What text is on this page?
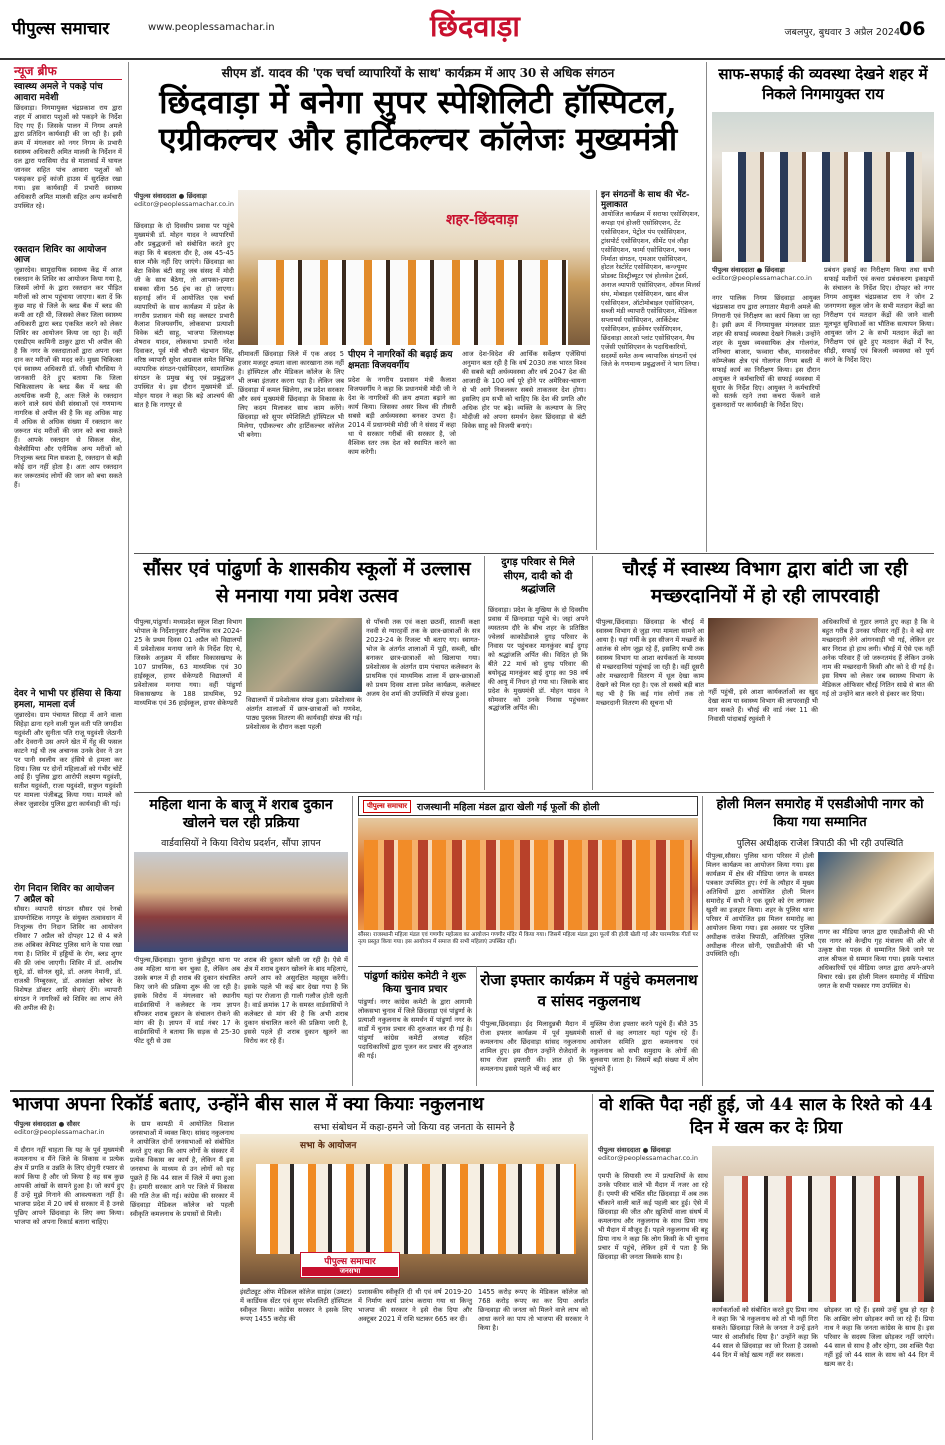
पीपुल्स समाचार	www.peoplessamachar.in	छिंदवाड़ा	जबलपुर, बुधवार 3 अप्रैल 2024 06
न्यूज ब्रीफ
स्वास्थ्य अमले ने पकड़े पांच आवारा मवेशी
छिंदवाड़ा। निगमायुक्त चंद्रप्रकाश राय द्वारा शहर में आवारा पशुओं को पकड़ने के निर्देश दिए गए हैं। जिसके पालन में निगम अमले द्वारा प्रतिदिन कार्यवाही की जा रही है। इसी क्रम में मंगलवार को नगर निगम के प्रभारी स्वास्थ्य अधिकारी अमित मालवी के निर्देशन में दल द्वारा परासिया रोड से मातावार्ड में घायल जानवर सहित पांच आवारा पशुओं को पकड़कर इन्हें कांजी हाउस में सुरक्षित रखा गया। इस कार्यवाही में प्रभारी स्वास्थ्य अधिकारी अमित मालवी सहित अन्य कर्मचारी उपस्थित रहे।
रक्तदान शिविर का आयोजन आज
जुन्नारदेव। सामुदायिक स्वास्थ्य केंद्र में आज रक्तदान के शिविर का आयोजन किया गया है, जिसमें लोगों के द्वारा रक्तदान कर पीड़ित मरीजों को लाभ पहुंचाया जाएगा। बता दें कि कुछ माह से जिले के ब्लड बैंक में ब्लड की कमी आ रही थी, जिसको लेकर जिला स्वास्थ्य अधिकारी द्वारा ब्लड एकत्रित करने को लेकर शिविर का आयोजन किया जा रहा है। वहीं एसडीएम कामिनी ठाकुर द्वारा भी अपील की है कि नगर के रक्तदाताओं द्वारा अपना रक्त दान कर मरीजों की मदद करें। मुख्य चिकित्सा एवं स्वास्थ्य अधिकारी डॉ. जीसी चौरसिया ने जानकारी देते हुए बताया कि जिला चिकित्सालय के ब्लड बैंक में ब्लड की अत्यधिक कमी है, अतः जिले के रक्तदान करने वाले स्वयं सेवी संस्थाओं एवं गणमान्य नागरिक से अपील की है कि वह अधिक माह में अधिक से अधिक संख्या में रक्तदान कर जरूरत मंद मरीजों की जान को बचा सकते हैं। आपके रक्तदान से सिकल सेल, थैलेसीमिया और एनीमिक अन्य मरीजों को निःशुल्क ब्लड मिल सकता है, रक्तदान से बड़ी कोई दान नहीं होता है। अतः आप रक्तदान कर जरूरतमंद लोगों की जान को बचा सकते हैं।
देवर ने भाभी पर हंसिया से किया हमला, मामला दर्ज
जुन्नारदेव। ग्राम पंचायत सिरड़ा में आने वाला सिहेड़ा ढाना रहने वाली फूल वती पति जगदीश यदुवंशी और सुनीता पति राजू यदुवंशी जेठानी और देवरानी उस अपने खेत में गेंहू की फसल काटने गई थी तब अचानक उनके देवर ने उन पर पानी स्थलीय कर हंसिये से हमला कर दिया। जिस पर दोनों महिलाओं को गंभीर चोटें आई हैं। पुलिस द्वारा आरोपी लक्ष्मण यदुवंशी, सतीश यदुवंशी, राजा यदुवंशी, सत्रुघ्न यदुवंशी पर मामला पंजीबद्ध किया गया। मामले को लेकर जुन्नारदेव पुलिस द्वारा कार्यवाही की गई।
रोग निदान शिविर का आयोजन 7 अप्रैल को
सौसर। व्यापारी संगठन सौसर एवं रेनबो डायग्नोस्टिक नागपुर के संयुक्त तत्वावधान में निःशुल्क रोग निदान शिविर का आयोजन रविवार 7 अप्रैल को दोपहर 12 से 4 बजे तक अंबिका केमिस्ट पुलिस थाने के पास रखा गया है। शिविर में हड्डियों के रोग, ब्लड शुगर की फ्री जांच जाएगी। शिविर में डॉ. आशीष सुडे, डॉ. सोनल सुडे, डॉ. अजय नेमानी, डॉ. राजश्री निम्बुरकर, डॉ. आकांक्षा कोचर के विशेषज्ञ डॉक्टर आदि सेवाएं देंगे। व्यापारी संगठन ने नागरिकों को शिविर का लाभ लेने की अपील की है।
सीएम डॉ. यादव की 'एक चर्चा व्यापारियों के साथ' कार्यक्रम में आए 30 से अधिक संगठन
छिंदवाड़ा में बनेगा सुपर स्पेशिलिटी हॉस्पिटल,
एग्रीकल्चर और हार्टिकल्चर कॉलेजः मुख्यमंत्री
पीपुल्स संवाददाता ● छिंदवाड़ा
editor@peoplessamachar.co.in
छिंदवाड़ा के दो दिवसीय प्रवास पर पहुंचे मुख्यमंत्री डॉ. मोहन यादव ने व्यापारियों और प्रबुद्धजनों को संबोधित करते हुए कहा कि ये बदलता दौर है, अब 45-45 साल मौके नहीं दिए जाएंगे। छिंदवाड़ा का बेटा विवेक बंटी साहू जब संसद में मोदी जी के साथ बैठेगा, तो आपका-हमारा सबका सीना 56 इंच का हो जाएगा। सहनाई लॉन में आयोजित एक चर्चा व्यापारियों के साथ कार्यक्रम में प्रदेश के नगरीय प्रशासन मंत्री सह क्लस्टर प्रभारी कैलाश विजयवर्गीय, लोकसभा प्रत्याशी विवेक बंटी साहू, भाजपा जिलाध्यक्ष शेषराव यादव, लोकसभा प्रभारी नरेश दिवाकर, पूर्व मंत्री चौधरी चंद्रभान सिंह, वरिष्ठ व्यापारी सुरेश अग्रवाल समेत विभिन्न व्यापारिक संगठन-एसोसिएशन, सामाजिक संगठन के प्रमुख बंधु एवं प्रबुद्धजन उपस्थित थे। इस दौरान मुख्यमंत्री डॉ. मोहन यादव ने कहा कि बड़े आश्चर्य की बात है कि नागपुर से
शहर-छिंदवाड़ा
सीमावर्ती छिंदवाड़ा जिले में एक अदद 5 हजार मजदूर क्षमता वाला कारखाना तक नहीं है। हॉस्पिटल और मेडिकल कॉलेज के लिए भी लम्बा इंतजार करना पड़ा है। लेकिन जब छिंदवाड़ा में कमल खिलेगा, तब प्रदेश सरकार और स्वयं मुख्यमंत्री छिंदवाड़ा के विकास के लिए कदम मिलाकर साथ काम करेंगे। छिंदवाड़ा को सुपर स्पेशिलिटी हॉस्पिटल भी मिलेगा, एग्रीकल्चर और हार्टिकल्चर कॉलेज भी बनेगा।
पीएम ने नागरिकों की बढ़ाई क्रय क्षमताः विजयवर्गीय
प्रदेश के नगरीय प्रशासन मंत्री कैलाश विजयवर्गीय ने कहा कि प्रधानमंत्री मोदी जी ने देश के नागरिकों की क्रय क्षमता बढ़ाने का कार्य किया। जिसका असर विश्व की तीसरी सबसे बड़ी अर्थव्यवस्था बनकर उभरा है। 2014 में प्रधानमंत्री मोदी जी ने संसद में कहा था ये सरकार गरीबों की सरकार है, जो वैश्विक स्तर तक देश को स्थापित करने का काम करेगी।
आज देश-विदेश की आर्थिक सर्वेक्षण एजेंसियां अनुमान बता रही है कि वर्ष 2030 तक भारत विश्व की सबसे बड़ी अर्थव्यवस्था और वर्ष 2047 देश की आजादी के 100 वर्ष पूरे होने पर अमेरिका-चायना से भी आगे निकलकर सबसे ताकतवर देश होगा। इसलिए हम सभी को चाहिए कि देश की प्रगति और अधिक होर पर बढ़े। व्यक्ति के कल्याण के लिए मोदीजी को अपना समर्थन देकर छिंदवाड़ा से बंटी विवेक साहू को विजयी बनाएं।
इन संगठनों के साथ की भेंट-मुलाकात
आयोजित कार्यक्रम में सराफा एसोसिएशन, कपड़ा एवं होजरी एसोसिएशन, टेंट एसोसिएशन, पेट्रोल पंप एसोसिएशन, ट्रांसपोर्ट एसोसिएशन, सीमेंट एवं लौहा एसोसिएशन, फार्मा एसोसिएशन, भवन निर्माता संगठन, एमआर एसोसिएशन, होटल रेस्टोरेंट एसोसिएशन, कन्ज्यूमर प्रोडक्ट डिस्ट्रीब्यूटर एवं होलसेल ट्रेडर्स, अनाज व्यापारी एसोसिएशन, ऑयल मिलर्स संघ, मोबाइल एसोसिएशन, खाद बीज एसोसिएशन, ऑटोमोबाइल एसोसिएशन, सब्जी मंडी व्यापारी एसोसिएशन, मेडिकल सप्लायर्स एसोसिएशन, आर्किटेक्ट एसोसिएशन, हार्डवेयर एसोसिएशन, छिंदवाड़ा आरओ प्लांट एसोसिएशन, मैथ एजेंसी एसोसिएशन के पदाधिकारियों, सदस्यों समेत अन्य व्यापारिक संगठनों एवं जिले के गणमान्य प्रबुद्धजनों ने भाग लिया।
साफ-सफाई की व्यवस्था देखने शहर में निकले निगमायुक्त राय
पीपुल्स संवाददाता ● छिंदवाड़ा
editor@peoplessamachar.co.in
नगर पालिक निगम छिंदवाड़ा आयुक्त चंद्रप्रकाश राय द्वारा लगातार मैदानी अमले की निगरानी एवं निरीक्षण का कार्य किया जा रहा है। इसी क्रम में निगमायुक्त मंगलवार प्रातः शहर की सफाई व्यवस्था देखने निकले। उन्होंने शहर के मुख्य व्यवसायिक क्षेत्र गोलगंज, शनिचरा बाजार, फव्वारा चौक, मानसरोवर कॉम्प्लेक्स क्षेत्र एवं गोलगंज निगम बस्ती में सफाई कार्य का निरीक्षण किया। इस दौरान आयुक्त ने कर्मचारियों की सफाई व्यवस्था में सुधार के निर्देश दिए। आयुक्त ने कर्मचारियों को सतर्क रहने तथा कचरा फेंकने वाले दुकानदारों पर कार्यवाही के निर्देश दिए।
प्रबंधन इकाई का निरीक्षण किया तथा सभी सफाई मशीनों एवं कचरा प्रबंधकरण इकाइयों के संचालन के निर्देश दिए। दोपहर को नगर निगम आयुक्त चंद्रप्रकाश राय ने जोन 2 जनगणना स्कूल जोन के सभी मतदान केंद्रों का निरीक्षण एवं मतदान केंद्रों की जाने वाली मूलभूत सुविधाओं का भौतिक सत्यापन किया। आयुक्त जोन 2 के सभी मतदान केंद्रों का निरीक्षण एवं छूटे हुए मतदान केंद्रों में रैंप, सीढ़ी, सफाई एवं बिजली व्यवस्था को पूर्ण करने के निर्देश दिए।
सौंसर एवं पांढुर्णा के शासकीय स्कूलों में उल्लास से मनाया गया प्रवेश उत्सव
पीपुल्स,पांढुर्णा। मध्यप्रदेश स्कूल शिक्षा विभाग भोपाल के निर्देशानुसार शैक्षणिक सत्र 2024-25 के प्रथम दिवस 01 अप्रैल को विद्यालयों में प्रवेशोत्सव मनाया जाने के निर्देश दिए थे, जिसके अनुक्रम में सौंसर विकासखण्ड के 107 प्राथमिक, 63 माध्यमिक एवं 30 हाईस्कूल, हायर सेकेण्डरी विद्यालयों में प्रवेशोत्सव मनाया गया। वहीं पांढुर्णा विकासखण्ड के 188 प्राथमिक, 92 माध्यमिक एवं 36 हाईस्कूल, हायर सेकेण्डरी	विद्यालयों में प्रवेशोत्सव संपन्न हुआ। प्रवेशोत्सव के अंतर्गत शालाओं में छात्र-छात्राओं को गणवेश, पाठ्य पुस्तक वितरण की कार्यवाही संपन्न की गई। प्रवेशोत्सव के दौरान कक्षा पहली
से पाँचवी तक एवं कक्षा छठवीं, सातवीं कक्षा नववी से ग्यारहवीं तक के छात्र-छात्राओं के सत्र 2023-24 के रिजल्ट भी बताए गए। स्वागत-भोज के अंतर्गत शालाओं में पूड़ी, सब्जी, खीर बनाकर छात्र-छात्राओं को खिलाया गया। प्रवेशोत्सव के अंतर्गत ग्राम पंचायत कलेक्शन के प्राथमिक एवं माध्यमिक शाला में छात्र-छात्राओं को प्रथम दिवस शाला प्रवेश कार्यक्रम, कलेक्टर अजय देव शर्मा की उपस्थिति में संपन्न हुआ।
दुगड़ परिवार से मिले सीएम, दादी को दी श्रद्धांजलि
छिंदवाड़ा। प्रदेश के मुखिया के दो दिवसीय प्रवास में छिन्दवाड़ा पहुंचे थे। जहां अपने व्यस्ततम दौरे के बीच शहर के प्रतिष्ठित ज्वेलर्स काकोडीवाले दुगड़ परिवार के निवास पर पहुंचकर मानकुंवर बाई दुगड़ को श्रद्धांजलि अर्पित की। विदित हो कि बीते 22 मार्च को दुगड़ परिवार की बयोवृद्ध मानकुंवर बाई दुगड़ का 98 वर्ष की आयु में निधन हो गया था। जिसके बाद प्रदेश के मुख्यमंत्री डॉ. मोहन यादव ने सोमवार को उनके निवास पहुंचकर श्रद्धांजलि अर्पित की।
चौरई में स्वास्थ्य विभाग द्वारा बांटी जा रही मच्छरदानियों में हो रही लापरवाही
पीपुल्स,छिंदवाड़ा। छिंदवाड़ा के चौरई में स्वास्थ्य विभाग से जुड़ा नया मामला सामने आ आया है। यहां गर्मी के इस सीजन में मच्छरों के आतंक से लोग जूझ रहे हैं, इसलिए सभी तक स्वास्थ्य विभाग या आशा कार्यकर्ता के माध्यम से मच्छरदानियां पहुंचाई जा रही है। वहीं दूसरी ओर मच्छरदानी वितरण में धूल देखा काम देखने को मिल रहा है। एक तो सबसे बड़ी बात यह भी है कि कई गांव लोगों तक तो मच्छरदानी वितरण की सूचना भी
नहीं पहुंची, इसे आशा कार्यकर्ताओं का खुद देखा काम या स्वास्थ्य विभाग की लापरवाही भी मान सकते हैं। चौरई की वार्ड नंबर 11 की निवासी पांदाबाई रघुवंशी ने
अधिकारियों से गुहार लगाते हुए कहा है कि वे बहुत गरीब हैं उनका परिवार नहीं है। वे बड़े वार मच्छरदानी लेने आंगनवाड़ी भी गई, लेकिन हर बार निराश हो हाथ लगी। चौरई में ऐसे एक नहीं अनेक परिवार हैं जो जरूरतमंद हैं लेकिन उनके नाम की मच्छरदानी किसी और को दे दी गई है। इस विषय को लेकर जब स्वास्थ्य विभाग के मेडिकल ऑफिसर चौरई नितिन साम्रे से बात की गई तो उन्होंने बात करने से इंकार कर दिया।
महिला थाना के बाजू में शराब दुकान खोलने चल रही प्रक्रिया
वार्डवासियों ने किया विरोध प्रदर्शन, सौंपा ज्ञापन
पीपुल्स,छिंदवाड़ा। पुराना कुंडीपुरा थाना पर अब महिला थाना बन चुका है, लेकिन अब उसके बगल में ही शराब की दुकान संचालित किए जाने की प्रक्रिया शुरू की जा रही है। इसके विरोध में मंगलवार को स्थानीय वार्डवासियों ने कलेक्टर के नाम ज्ञापन सौंपकर शराब दुकान के संचालन रोकने की मांग की है। ज्ञापन में वार्ड नंबर 17 के वार्डवासियों ने बताया कि सड़क से 25-30 फीट दूरी से उस
शराब की दुकान खोली जा रही है। ऐसे में क्षेत्र में शराब दुकान खोलने के बाद महिलाएं, अपने आप को असुरक्षित महसूस करेंगी। इसके पहले भी कई बार देखा गया है कि यहां पर रोजाना ही गाली गलौज होती रहती है। वार्ड क्रमांक 17 के समस्त वार्डवासियों ने कलेक्टर से मांग की है कि अभी शराब दुकान संचालित करने की प्रक्रिया जारी है, इससे पहले ही शराब दुकान खुलने का विरोध कर रहे हैं।
पीपुल्स समाचार	राजस्थानी महिला मंडल द्वारा खेली गई फूलों की होली
सौंसर। राजस्थानी महिला मंडल एवं गणगौर महोत्सव का आयोजन गणगौर मंदिर में किया गया। जिसमें महिला मंडल द्वारा फूलों की होली खेली गई और पारम्परिक गीतों पर नृत्य प्रस्तुत किया गया। इस आयोजन में समाज की सभी महिलाएं उपस्थित रहीं।
पांढुर्णा कांग्रेस कमेटी ने शुरू किया चुनाव प्रचार
पांढुर्णा। नगर कांग्रेस कमेटी के द्वारा आगामी लोकसभा चुनाव में जिले छिंदवाड़ा एवं पांढुर्णा के प्रत्याशी नकुलनाथ के समर्थन में पांढुर्णा नगर के वार्डों में चुनाव प्रचार की शुरुआत कर दी गई है। पांढुर्णा कांग्रेस कमेटी अध्यक्ष सहित पदाधिकारियों द्वारा पूजन कर प्रचार की शुरुआत की गई।
रोजा इफ्तार कार्यक्रम में पहुंचे कमलनाथ व सांसद नकुलनाथ
पीपुल्स,छिंदवाड़ा। ईद मिलादुन्नबी मैदान में रोजा इफ्तार कार्यक्रम में पूर्व मुख्यमंत्री कमलनाथ और छिंदवाड़ा सांसद नकुलनाथ शामिल हुए। इस दौरान उन्होंने रोजेदारों के साथ रोजा इफ्तारी की। ज्ञात हो कि कमलनाथ इससे पहले भी कई बार
मुस्लिम रोजा इफ्तार करने पहुंचे हैं। बीते 35 सालों से वह लगातार यहां पहुंच रहे हैं। आयोजन समिति द्वारा कमलनाथ एवं नकुलनाथ को सभी समुदाय के लोगों की बुलवाया जाता है। जिसमें बड़ी संख्या में लोग पहुंचते हैं।
होली मिलन समारोह में एसडीओपी नागर को किया गया सम्मानित
पुलिस अधीक्षक राजेश त्रिपाठी की भी रही उपस्थिति
पीपुल्स,सौसर। पुलिस थाना परिसर में होली मिलन कार्यक्रम का आयोजन किया गया। इस कार्यक्रम में क्षेत्र की मीडिया जगत के समस्त पत्रकार उपस्थित हुए। रंगों के त्यौहार में मुख्य अतिथियों द्वारा आयोजित होली मिलन समारोह में सभी ने एक दूसरे को रंग लगाकर खुशी का इजहार किया। शहर के पुलिस थाना परिसर में आयोजित इस मिलन समारोह का आयोजन किया गया। इस अवसर पर पुलिस अधीक्षक राजेश त्रिपाठी, अतिरिक्त पुलिस अधीक्षक नीरज सोनी, एसडीओपी की भी उपस्थिति रही।
नागर का मीडिया जगत द्वारा एसडीओपी की भी एस नागर को केन्द्रीय गृह मंत्रालय की ओर से उत्कृष्ट सेवा पदक से सम्मानित किये जाने पर शाल श्रीफल से सम्मान किया गया। इसके पश्चात अधिकारियों एवं मीडिया जगत द्वारा अपने-अपने विचार रखे। इस होली मिलन समारोह में मीडिया जगत के सभी पत्रकार गण उपस्थित थे।
भाजपा अपना रिकॉर्ड बताए, उन्होंने बीस साल में क्या कियाः नकुलनाथ
सभा संबोधन में कहा-हमने जो किया वह जनता के सामने है
पीपुल्स संवाददाता ● सौसर
editor@peoplessamachar.in
में दौरान नहीं चाहता कि यह के पूर्व मुख्यमंत्री कमलनाथ व मैंने जिले के विकास व प्रत्येक क्षेत्र में प्रगति व उन्नति के लिए दोगुनी रफ्तार से कार्य किया है और जो किया है वह सब कुछ आपकी आंखों के सामने हुआ है। जो कार्य हुए हैं उन्हें मुझे गिनाने की आवश्यकता नहीं है। भाजपा प्रदेश में 20 वर्ष से सरकार में है उनसे पूछिए आपने छिंदवाड़ा के लिए क्या किया। भाजपा को अपना रिकार्ड बताना चाहिए।
के ग्राम कामठी में आयोजित विशाल जनसभाओं में व्यक्त किए। सांसद नकुलनाथ ने आयोजित दोनों जनसभाओं को संबोधित करते हुए कहा कि आप लोगों के संस्कार में प्रत्येक विकास का कार्य है, लेकिन मैं इस जनसभा के माध्यम से उन लोगों को यह पूछते हैं कि 44 साल में जिले में क्या हुआ है। हमारी सरकार आने पर जिले में विकास की गति तेज की गई। कांग्रेस की सरकार में छिंदवाड़ा मेडिकल कॉलेज को पहली स्वीकृति कमलनाथ के प्रयासों से मिली।
सभा के आयोजन
पीपुल्स समाचार
जनसभा
इंस्टीट्यूट ऑफ मेडिकल कॉलेज साइंस (उक्टर) में कार्डियक सेंटर एवं सुपर स्पेशलिटी हॉस्पिटल स्वीकृत किया। कांग्रेस सरकार ने इसके लिए रूपए 1455 करोड़ की
प्रशासकीय स्वीकृति दी थी एवं वर्ष 2019-20 में निर्माण कार्य प्रारंभ कराया गया था किन्तु भाजपा की सरकार ने इसे रोक दिया और अक्टूबर 2021 में राशि घटाकर 665 कर दी।
1455 करोड़ रूपए के मेडिकल कॉलेज को 768 करोड़ रूपए का कर दिया अर्थात छिन्दवाड़ा की जनता को मिलने वाले लाभ को आधा करने का पाप तो भाजपा की सरकार ने किया है।
वो शक्ति पैदा नहीं हुई, जो 44 साल के रिश्ते को 44 दिन में खत्म कर देः प्रिया
पीपुल्स संवाददाता ● छिंदवाड़ा
editor@peoplessamachar.co.in
एमपी के सियासी रण में प्रत्याशियों के साथ उनके परिवार वाले भी मैदान में नजर आ रहे हैं। एमपी की चर्चित सीट छिंदवाड़ा में अब तक चौंकाने वाली बातें कई पहली बार हुई। ऐसे में छिंदवाड़ा की जीत और ख़ुशियों वाला संघर्ष में कमलनाथ और नकुलनाथ के साथ प्रिया नाथ भी मैदान में मौजूद हैं। पहले नकुलनाथ की बहू प्रिया नाथ ने कहा कि लोग किसी के भी चुनाव प्रचार में पहुंचे, लेकिन हमें ये पता है कि छिंदवाड़ा की जनता किसके साथ है।
कार्यकर्ताओं को संबोधित करते हुए प्रिया नाथ ने कहा कि 'बे नकुलनाथ को तो भी नहीं गिरा सकते। छिंदवाड़ा जिले के जनता ने उन्हें इतने प्यार से आशीर्वाद दिया है।' उन्होंने कहा कि 44 साल से छिंदवाड़ा का जो रिश्ता है उसको 44 दिन में कोई खत्म नहीं कर सकता।
छोड़कर जा रहे हैं। इससे उन्हें दुख हो रहा है कि आखिर लोग छोड़कर क्यों जा रहे हैं। प्रिया नाथ ने कहा कि जनता कांग्रेस के साथ है। इस परिवार के सदस्य जिला छोड़कर नहीं जाएंगे। 44 साल से साथ है और रहेगा, उस शक्ति पैदा नहीं हुई जो 44 साल के साथ को 44 दिन में खत्म कर दे।
